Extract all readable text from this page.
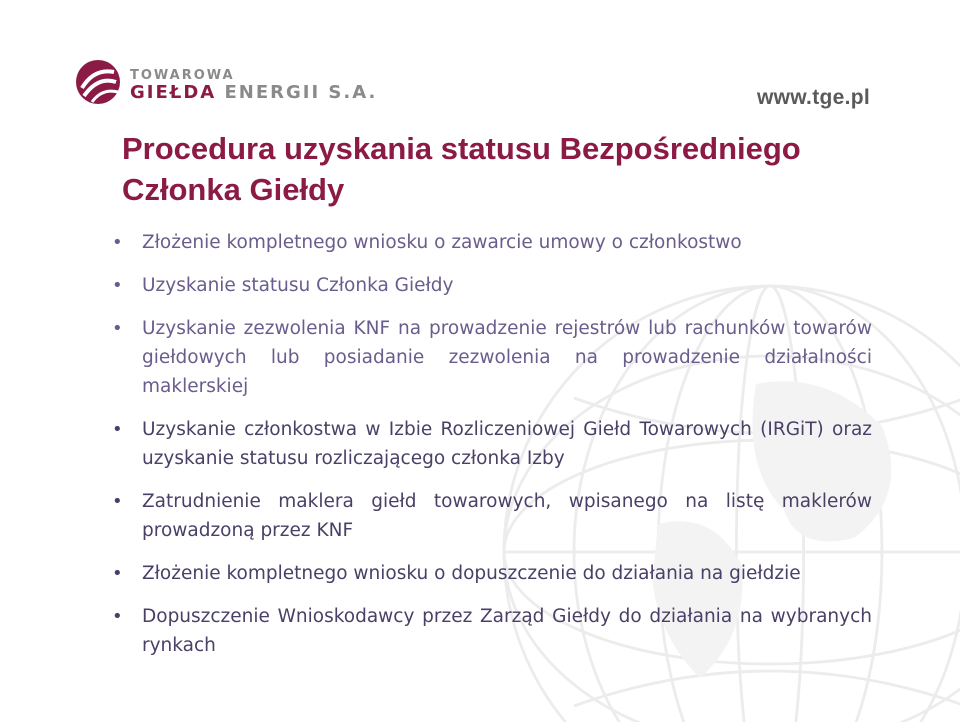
TOWAROWA
GIEŁDA ENERGII S.A.	www.tge.pl
Procedura uzyskania statusu Bezpośredniego Członka Giełdy
• Złożenie kompletnego wniosku o zawarcie umowy o członkostwo
• Uzyskanie statusu Członka Giełdy
• Uzyskanie zezwolenia KNF na prowadzenie rejestrów lub rachunków towarów giełdowych lub posiadanie zezwolenia na prowadzenie działalności maklerskiej
• Uzyskanie członkostwa w Izbie Rozliczeniowej Giełd Towarowych (IRGiT) oraz uzyskanie statusu rozliczającego członka Izby
• Zatrudnienie maklera giełd towarowych, wpisanego na listę maklerów prowadzoną przez KNF
• Złożenie kompletnego wniosku o dopuszczenie do działania na giełdzie
• Dopuszczenie Wnioskodawcy przez Zarząd Giełdy do działania na wybranych rynkach
